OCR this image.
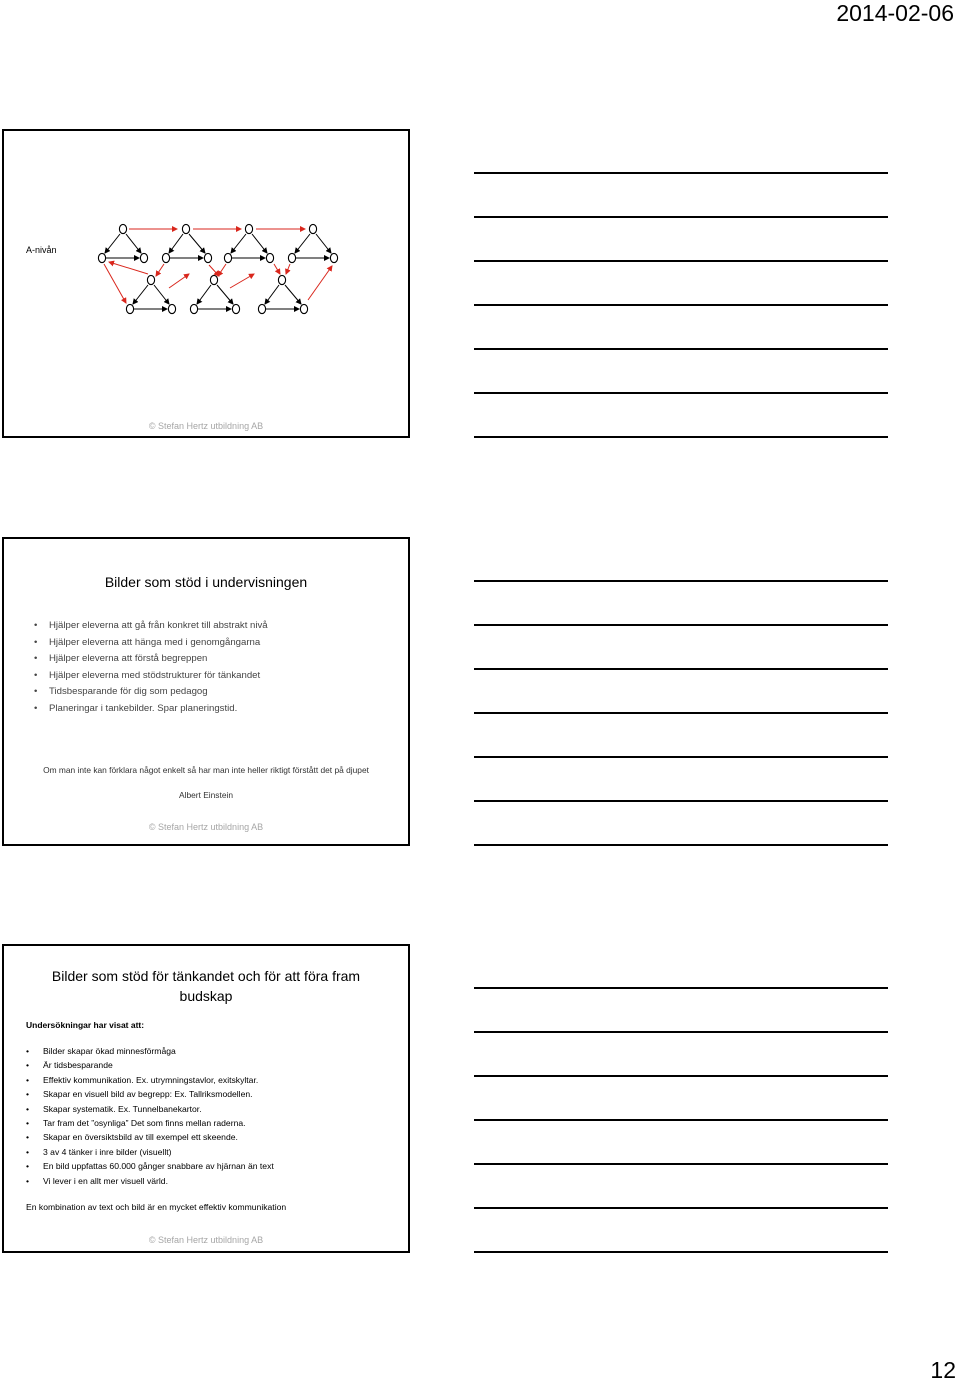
2014-02-06
A-nivån
© Stefan Hertz utbildning AB
Bilder som stöd i undervisningen
• Hjälper eleverna att gå från konkret till abstrakt nivå
• Hjälper eleverna att hänga med i genomgångarna
• Hjälper eleverna att förstå begreppen
• Hjälper eleverna med stödstrukturer för tänkandet
• Tidsbesparande för dig som pedagog
• Planeringar i tankebilder. Spar planeringstid.
Om man inte kan förklara något enkelt så har man inte heller riktigt förstått det på djupet
Albert Einstein
© Stefan Hertz utbildning AB
Bilder som stöd för tänkandet och för att föra fram budskap
Undersökningar har visat att:
• Bilder skapar ökad minnesförmåga
• Är tidsbesparande
• Effektiv kommunikation. Ex. utrymningstavlor, exitskyltar.
• Skapar en visuell bild av begrepp: Ex. Tallriksmodellen.
• Skapar systematik. Ex. Tunnelbanekartor.
• Tar fram det ”osynliga” Det som finns mellan raderna.
• Skapar en översiktsbild av till exempel ett skeende.
• 3 av 4 tänker i inre bilder (visuellt)
• En bild uppfattas 60.000 gånger snabbare av hjärnan än text
• Vi lever i en allt mer visuell värld.
En kombination av text och bild är en mycket effektiv kommunikation
© Stefan Hertz utbildning AB
12
